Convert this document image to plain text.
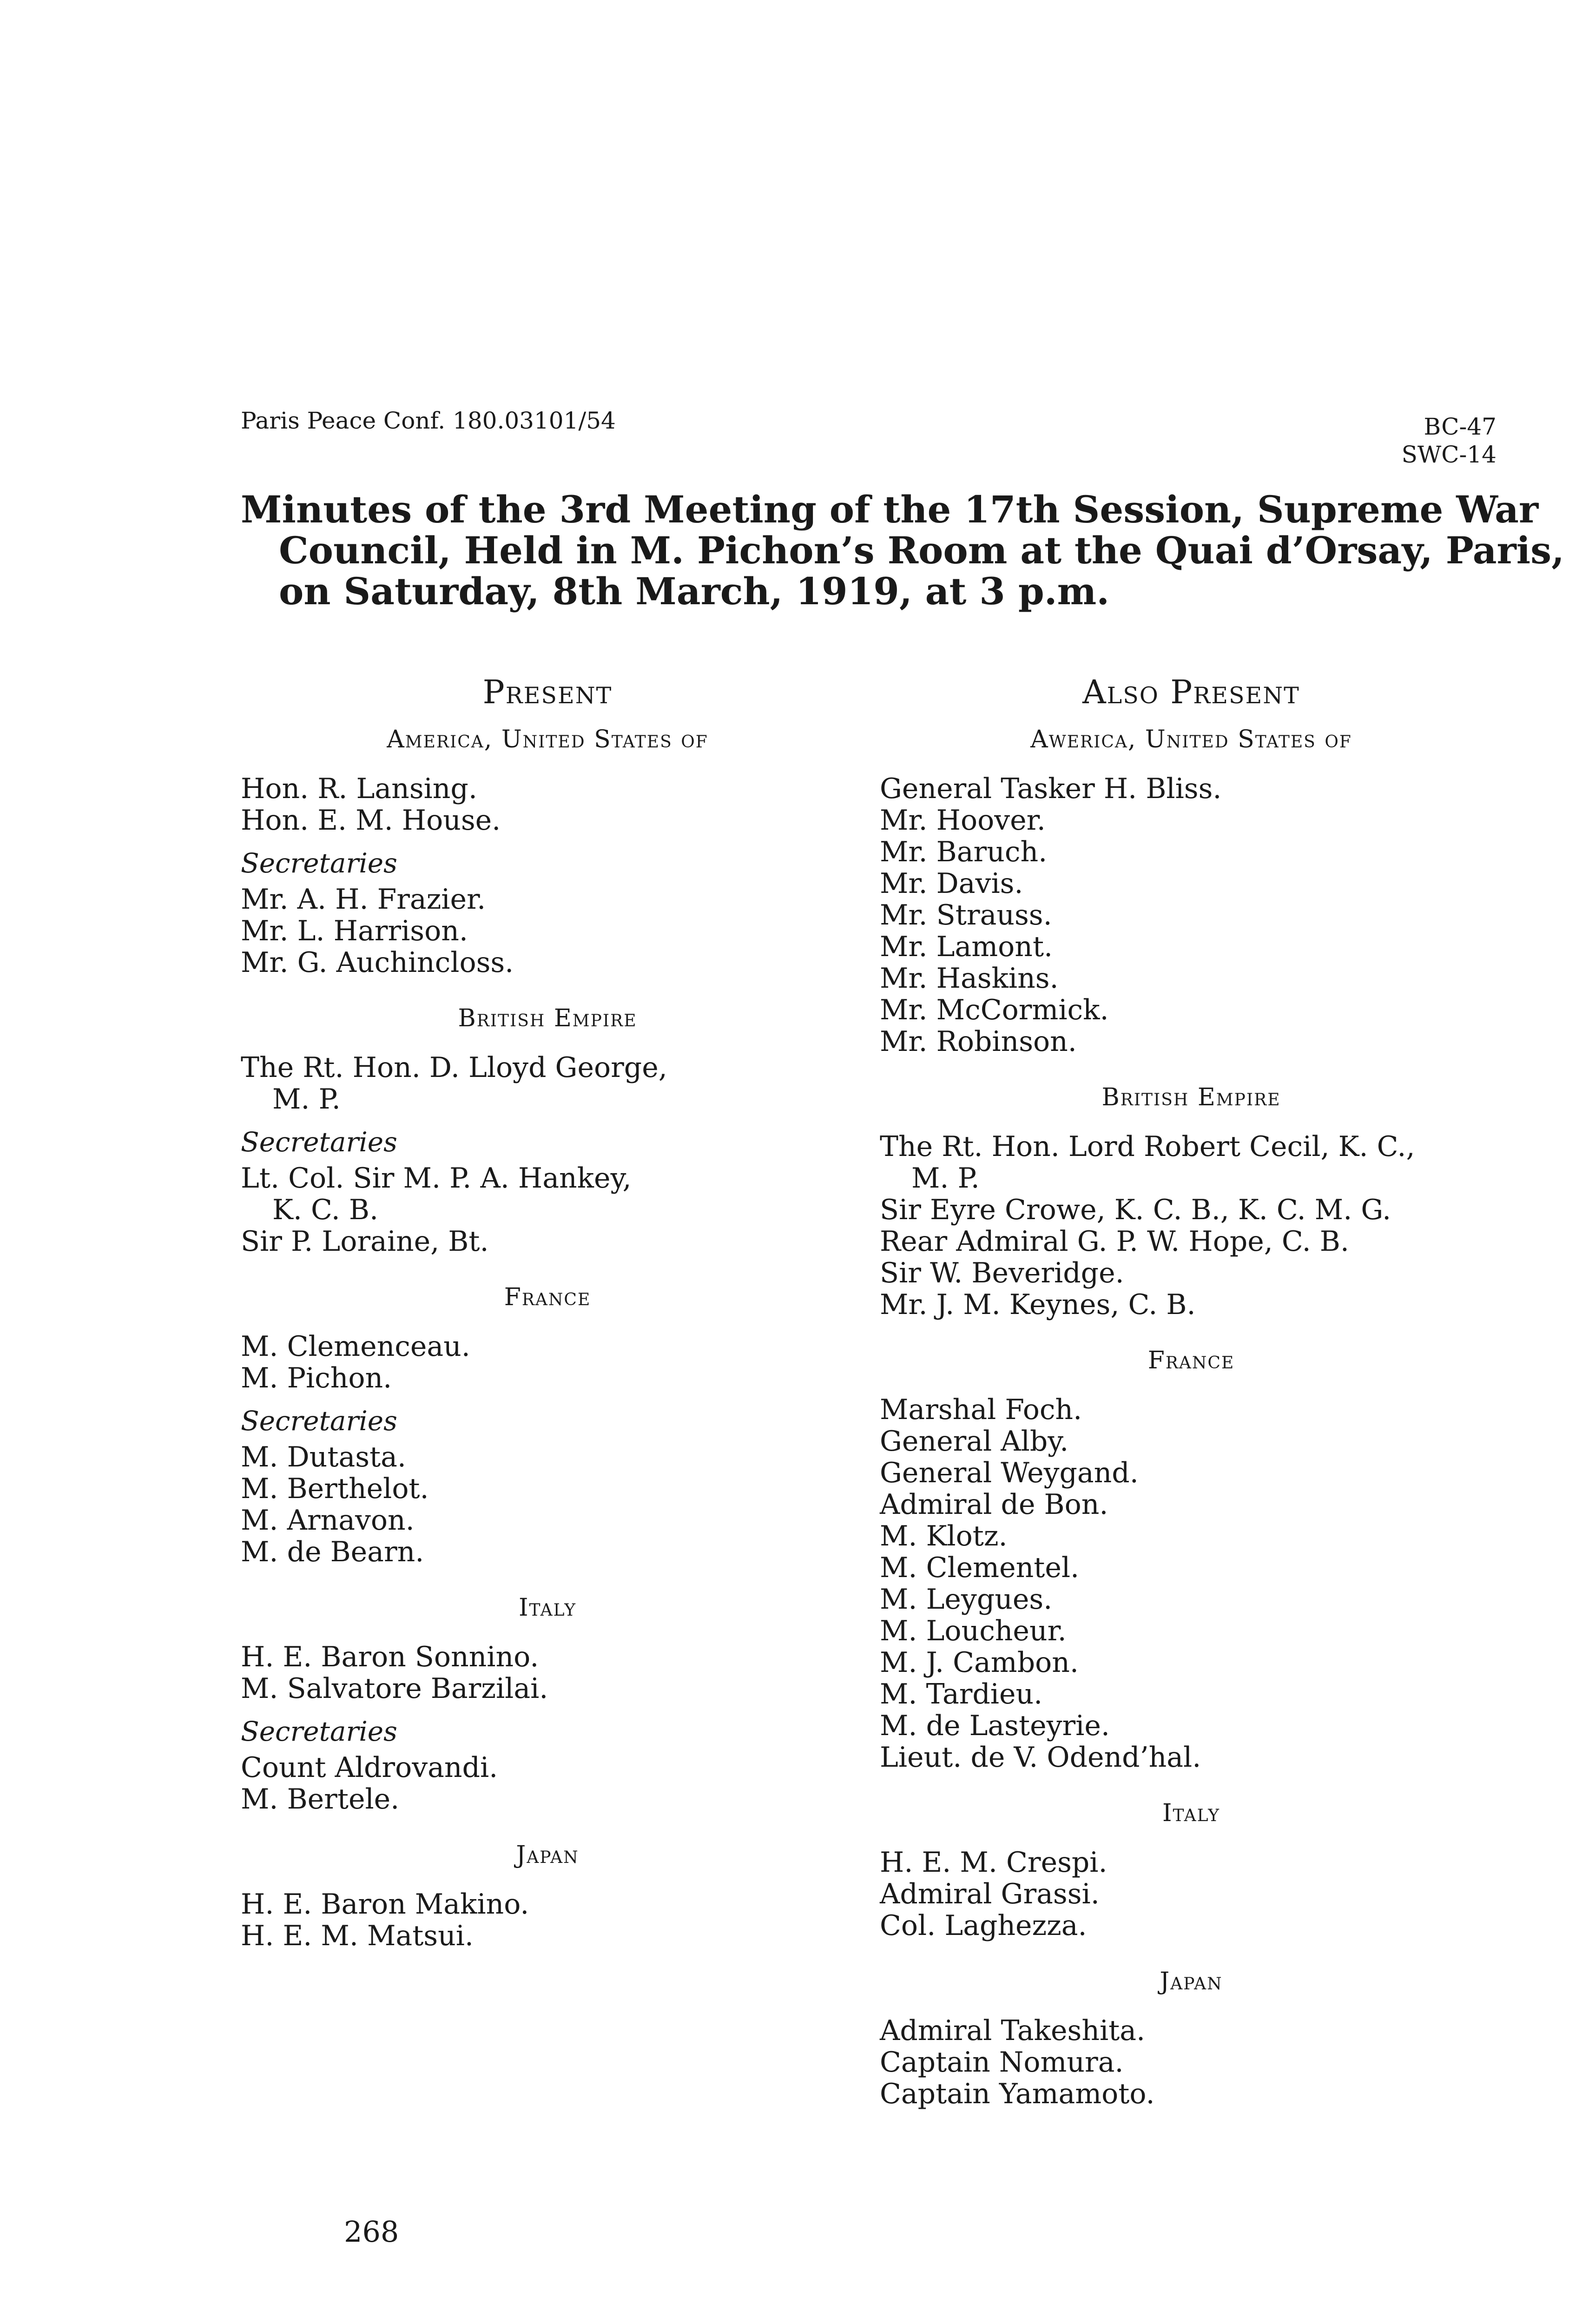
Paris Peace Conf. 180.03101/54	BC-47
SWC-14
Minutes of the 3rd Meeting of the 17th Session, Supreme War
Council, Held in M. Pichon’s Room at the Quai d’Orsay, Paris,
on Saturday, 8th March, 1919, at 3 p.m.
Present
America, United States of
Hon. R. Lansing.
Hon. E. M. House.
Secretaries
Mr. A. H. Frazier.
Mr. L. Harrison.
Mr. G. Auchincloss.
British Empire
The Rt. Hon. D. Lloyd George,
M. P.
Secretaries
Lt. Col. Sir M. P. A. Hankey,
K. C. B.
Sir P. Loraine, Bt.
France
M. Clemenceau.
M. Pichon.
Secretaries
M. Dutasta.
M. Berthelot.
M. Arnavon.
M. de Bearn.
Italy
H. E. Baron Sonnino.
M. Salvatore Barzilai.
Secretaries
Count Aldrovandi.
M. Bertele.
Japan
H. E. Baron Makino.
H. E. M. Matsui.
Also Present
Awerica, United States of
General Tasker H. Bliss.
Mr. Hoover.
Mr. Baruch.
Mr. Davis.
Mr. Strauss.
Mr. Lamont.
Mr. Haskins.
Mr. McCormick.
Mr. Robinson.
British Empire
The Rt. Hon. Lord Robert Cecil, K. C.,
M. P.
Sir Eyre Crowe, K. C. B., K. C. M. G.
Rear Admiral G. P. W. Hope, C. B.
Sir W. Beveridge.
Mr. J. M. Keynes, C. B.
France
Marshal Foch.
General Alby.
General Weygand.
Admiral de Bon.
M. Klotz.
M. Clementel.
M. Leygues.
M. Loucheur.
M. J. Cambon.
M. Tardieu.
M. de Lasteyrie.
Lieut. de V. Odend’hal.
Italy
H. E. M. Crespi.
Admiral Grassi.
Col. Laghezza.
Japan
Admiral Takeshita.
Captain Nomura.
Captain Yamamoto.
268
